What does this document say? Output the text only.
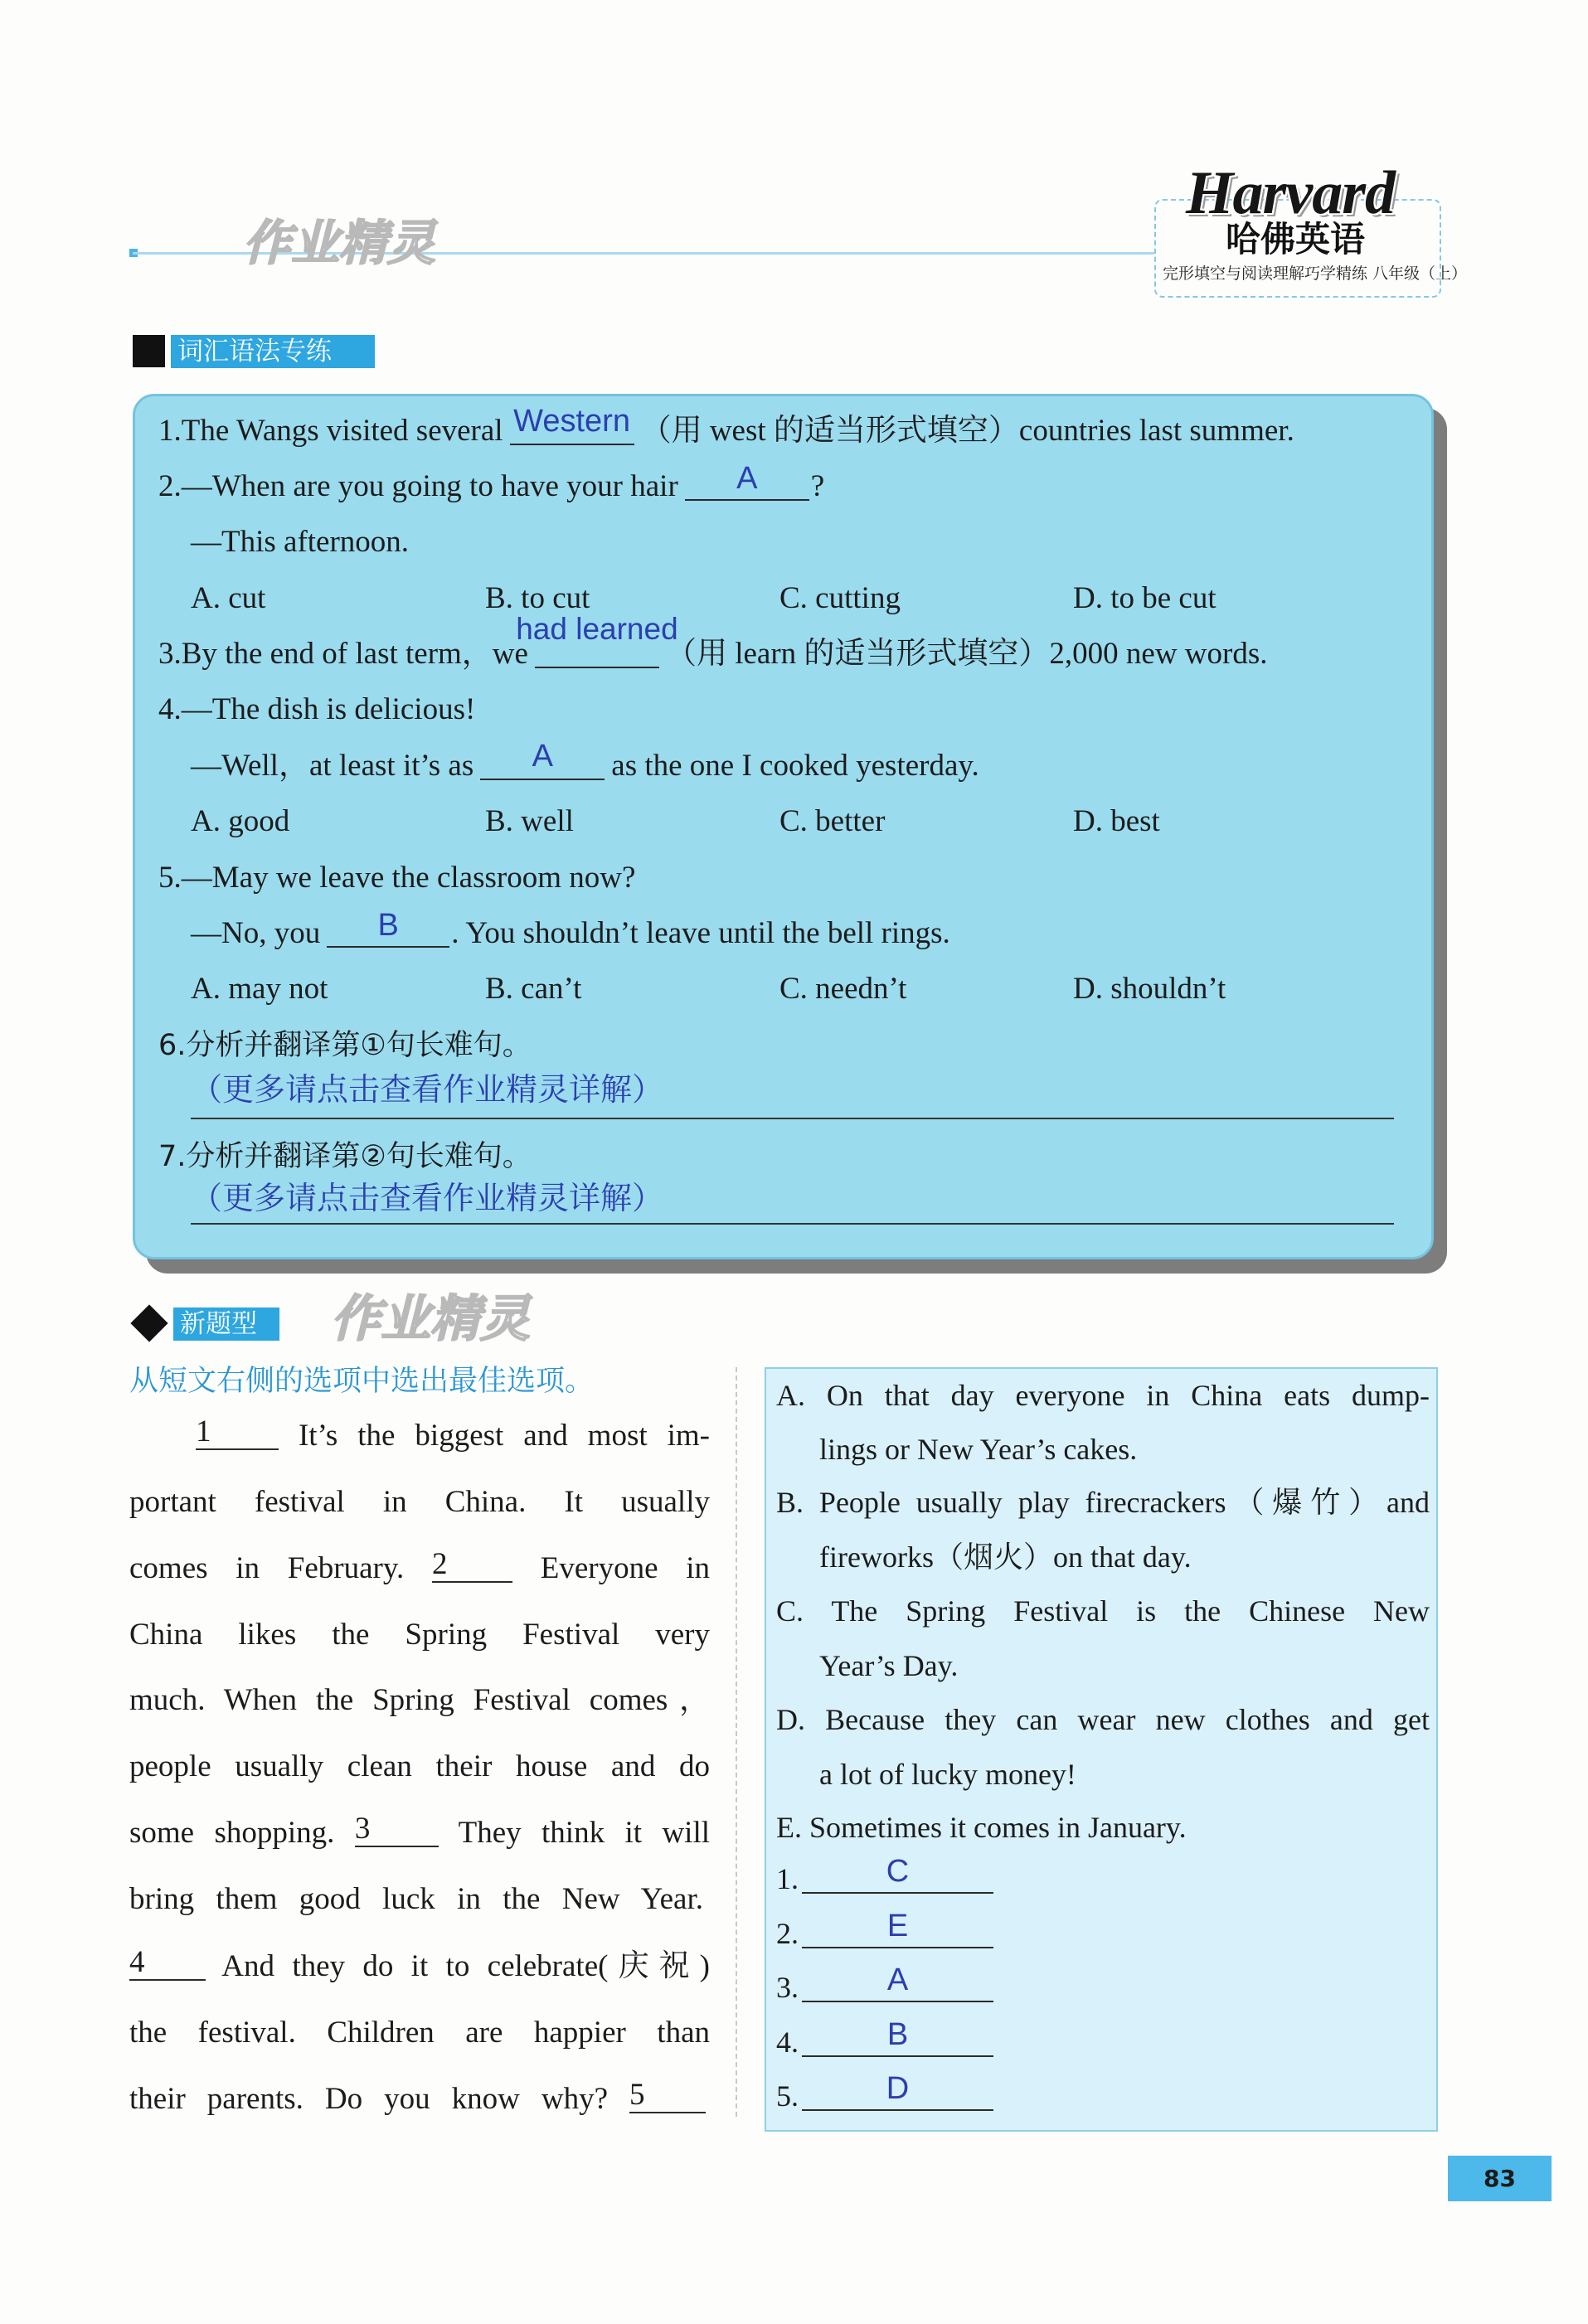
作业精灵
Harvard
哈佛英语
完形填空与阅读理解巧学精练 八年级（上）
词汇语法专练
1.The Wangs visited several Western （用 west 的适当形式填空）countries last summer.
2.—When are you going to have your hair A ?
—This afternoon.
A. cut	B. to cut	C. cutting	D. to be cut
3.By the end of last term，we
had learned
（用 learn 的适当形式填空）2,000 new words.
4.—The dish is delicious!
—Well，at least it’s as A as the one I cooked yesterday.
A. good	B. well	C. better	D. best
5.—May we leave the classroom now?
—No, you B . You shouldn’t leave until the bell rings.
A. may not	B. can’t	C. needn’t	D. shouldn’t
6.分析并翻译第①句长难句。
（更多请点击查看作业精灵详解）
7.分析并翻译第②句长难句。
（更多请点击查看作业精灵详解）
新题型	作业精灵
从短文右侧的选项中选出最佳选项。
1	It’s the biggest and most im-
portant festival in China. It usually
comes in February. 2	Everyone in
China likes the Spring Festival very
much. When the Spring Festival comes，
people usually clean their house and do
some shopping. 3	They think it will
bring them good luck in the New Year.
4	And they do it to celebrate(庆祝)
the festival. Children are happier than
their parents. Do you know why? 5
A. On that day everyone in China eats dump-
lings or New Year’s cakes.
B. People usually play firecrackers（爆竹）and
fireworks（烟火）on that day.
C. The Spring Festival is the Chinese New
Year’s Day.
D. Because they can wear new clothes and get
a lot of lucky money!
E. Sometimes it comes in January.
1.	C
2.	E
3.	A
4.	B
5.	D
83
